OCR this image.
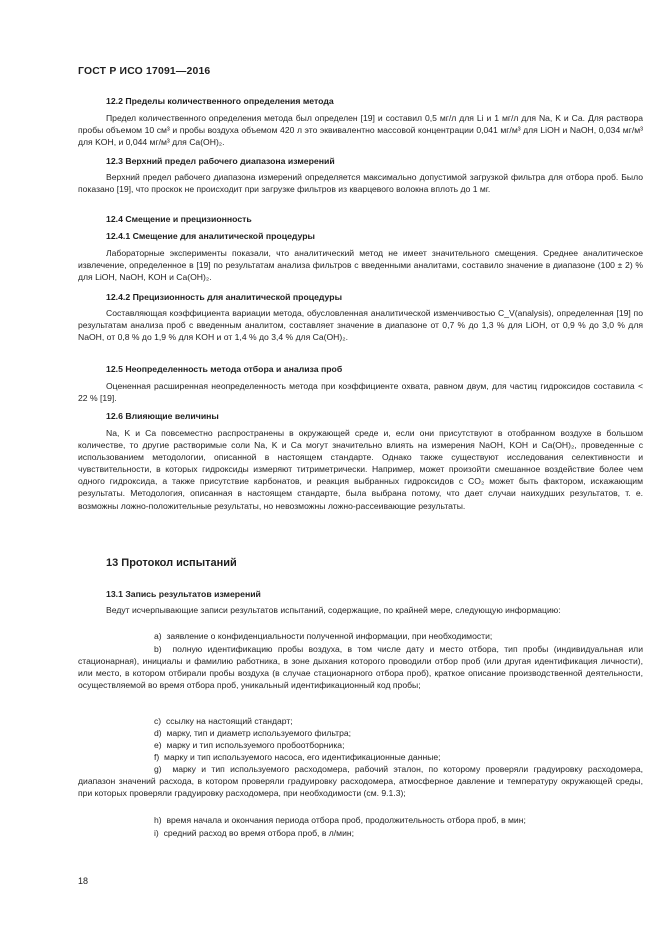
ГОСТ Р ИСО 17091—2016
12.2 Пределы количественного определения метода
Предел количественного определения метода был определен [19] и составил 0,5 мг/л для Li и 1 мг/л для Na, K и Ca. Для раствора пробы объемом 10 см³ и пробы воздуха объемом 420 л это эквивалентно массовой концентрации 0,041 мг/м³ для LiOH и NaOH, 0,034 мг/м³ для KOH, и 0,044 мг/м³ для Ca(OH)₂.
12.3 Верхний предел рабочего диапазона измерений
Верхний предел рабочего диапазона измерений определяется максимально допустимой загрузкой фильтра для отбора проб. Было показано [19], что проскок не происходит при загрузке фильтров из кварцевого волокна вплоть до 1 мг.
12.4 Смещение и прецизионность
12.4.1 Смещение для аналитической процедуры
Лабораторные эксперименты показали, что аналитический метод не имеет значительного смещения. Среднее аналитическое извлечение, определенное в [19] по результатам анализа фильтров с введенными аналитами, составило значение в диапазоне (100 ± 2) % для LiOH, NaOH, KOH и Ca(OH)₂.
12.4.2 Прецизионность для аналитической процедуры
Составляющая коэффициента вариации метода, обусловленная аналитической изменчивостью C_V(analysis), определенная [19] по результатам анализа проб с введенным аналитом, составляет значение в диапазоне от 0,7 % до 1,3 % для LiOH, от 0,9 % до 3,0 % для NaOH, от 0,8 % до 1,9 % для KOH и от 1,4 % до 3,4 % для Ca(OH)₂.
12.5 Неопределенность метода отбора и анализа проб
Оцененная расширенная неопределенность метода при коэффициенте охвата, равном двум, для частиц гидроксидов составила < 22 % [19].
12.6 Влияющие величины
Na, K и Ca повсеместно распространены в окружающей среде и, если они присутствуют в отобранном воздухе в большом количестве, то другие растворимые соли Na, K и Ca могут значительно влиять на измерения NaOH, KOH и Ca(OH)₂, проведенные с использованием методологии, описанной в настоящем стандарте. Однако также существуют исследования селективности и чувствительности, в которых гидроксиды измеряют титриметрически. Например, может произойти смешанное воздействие более чем одного гидроксида, а также присутствие карбонатов, и реакция выбранных гидроксидов с CO₂ может быть фактором, искажающим результаты. Методология, описанная в настоящем стандарте, была выбрана потому, что дает случаи наихудших результатов, т. е. возможны ложно-положительные результаты, но невозможны ложно-рассеивающие результаты.
13 Протокол испытаний
13.1 Запись результатов измерений
Ведут исчерпывающие записи результатов испытаний, содержащие, по крайней мере, следующую информацию:

a) заявление о конфиденциальности полученной информации, при необходимости;

b) полную идентификацию пробы воздуха, в том числе дату и место отбора, тип пробы (индивидуальная или стационарная), инициалы и фамилию работника, в зоне дыхания которого проводили отбор проб (или другая идентификация личности), или место, в котором отбирали пробы воздуха (в случае стационарного отбора проб), краткое описание производственной деятельности, осуществляемой во время отбора проб, уникальный идентификационный код пробы;

c) ссылку на настоящий стандарт;

d) марку, тип и диаметр используемого фильтра;

e) марку и тип используемого пробоотборника;

f) марку и тип используемого насоса, его идентификационные данные;

g) марку и тип используемого расходомера, рабочий эталон, по которому проверяли градуировку расходомера, диапазон значений расхода, в котором проверяли градуировку расходомера, атмосферное давление и температуру окружающей среды, при которых проверяли градуировку расходомера, при необходимости (см. 9.1.3);

h) время начала и окончания периода отбора проб, продолжительность отбора проб, в мин;

i) средний расход во время отбора проб, в л/мин;

18
